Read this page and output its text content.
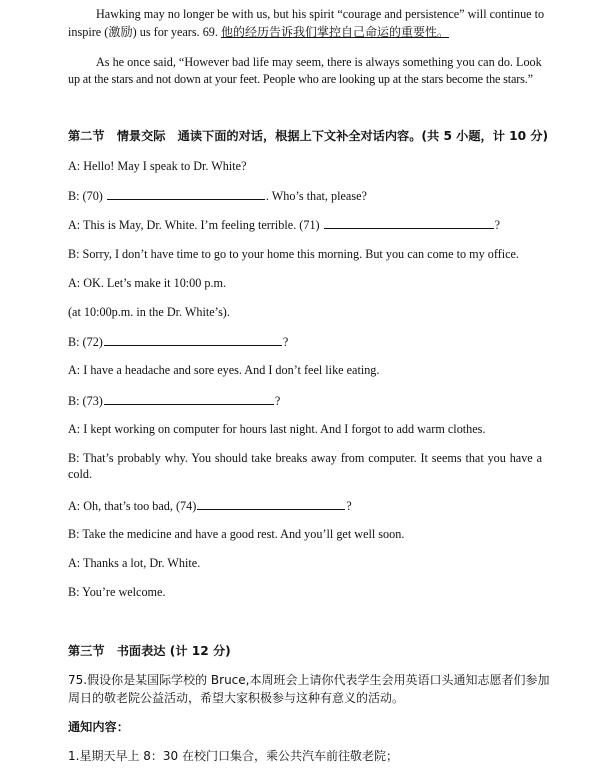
Hawking may no longer be with us, but his spirit “courage and persistence” will continue to
inspire (激励) us for years. 69. 他的经历告诉我们掌控自己命运的重要性。
As he once said, “However bad life may seem, there is always something you can do. Look
up at the stars and not down at your feet. People who are looking up at the stars become the stars.”
第二节　情景交际　通读下面的对话，根据上下文补全对话内容。(共 5 小题，计 10 分)
A: Hello! May I speak to Dr. White?
B: (70)	. Who’s that, please?
A: This is May, Dr. White. I’m feeling terrible. (71)	?
B: Sorry, I don’t have time to go to your home this morning. But you can come to my office.
A: OK. Let’s make it 10:00 p.m.
(at 10:00p.m. in the Dr. White’s).
B: (72)	?
A: I have a headache and sore eyes. And I don’t feel like eating.
B: (73)	?
A: I kept working on computer for hours last night. And I forgot to add warm clothes.
B: That’s probably why. You should take breaks away from computer. It seems that you have a cold.
A: Oh, that’s too bad, (74)	?
B: Take the medicine and have a good rest. And you’ll get well soon.
A: Thanks a lot, Dr. White.
B: You’re welcome.
第三节　书面表达 (计 12 分)
75.假设你是某国际学校的 Bruce,本周班会上请你代表学生会用英语口头通知志愿者们参加
周日的敬老院公益活动，希望大家积极参与这种有意义的活动。
通知内容：
1.星期天早上 8：30 在校门口集合，乘公共汽车前往敬老院；
